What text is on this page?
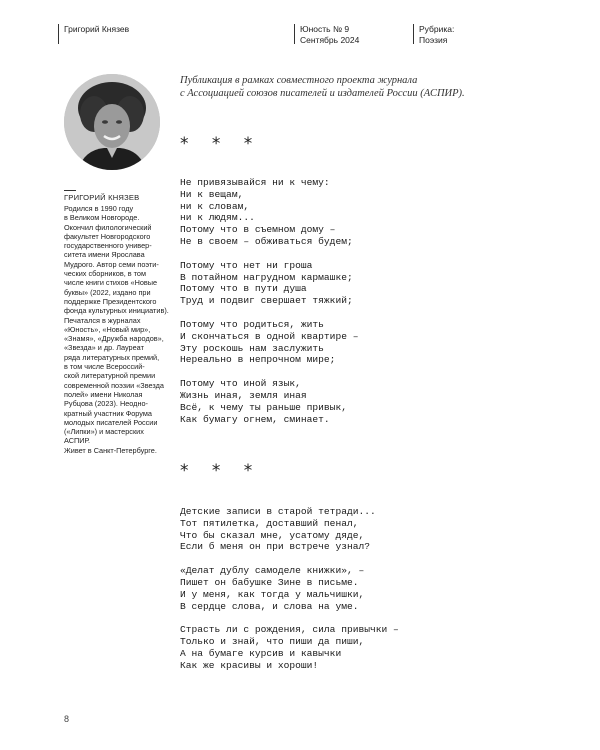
Григорий Князев	Юность № 9
Сентябрь 2024
Рубрика:
Поэзия
ГРИГОРИЙ КНЯЗЕВ
Родился в 1990 году
в Великом Новгороде.
Окончил филологический
факультет Новгородского
государственного универ-
ситета имени Ярослава
Мудрого. Автор семи поэти-
ческих сборников, в том
числе книги стихов «Новые
буквы» (2022, издано при
поддержке Президентского
фонда культурных инициатив).
Печатался в журналах
«Юность», «Новый мир»,
«Знамя», «Дружба народов»,
«Звезда» и др. Лауреат
ряда литературных премий,
в том числе Всероссий-
ской литературной премии
современной поэзии «Звезда
полей» имени Николая
Рубцова (2023). Неодно-
кратный участник Форума
молодых писателей России
(«Липки») и мастерских
АСПИР.
Живет в Санкт-Петербурге.
Публикация в рамках совместного проекта журнала
с Ассоциацией союзов писателей и издателей России (АСПИР).
* * *
Не привязывайся ни к чему:
Ни к вещам,
ни к словам,
ни к людям...
Потому что в съемном дому –
Не в своем – обживаться будем;
Потому что нет ни гроша
В потайном нагрудном кармашке;
Потому что в пути душа
Труд и подвиг свершает тяжкий;
Потому что родиться, жить
И скончаться в одной квартире –
Эту роскошь нам заслужить
Нереально в непрочном мире;
Потому что иной язык,
Жизнь иная, земля иная
Всё, к чему ты раньше привык,
Как бумагу огнем, сминает.
* * *
Детские записи в старой тетради...
Тот пятилетка, доставший пенал,
Что бы сказал мне, усатому дяде,
Если б меня он при встрече узнал?
«Делат дублу самоделе книжки», –
Пишет он бабушке Зине в письме.
И у меня, как тогда у мальчишки,
В сердце слова, и слова на уме.
Страсть ли с рождения, сила привычки –
Только и знай, что пиши да пиши,
А на бумаге курсив и кавычки
Как же красивы и хороши!
8
